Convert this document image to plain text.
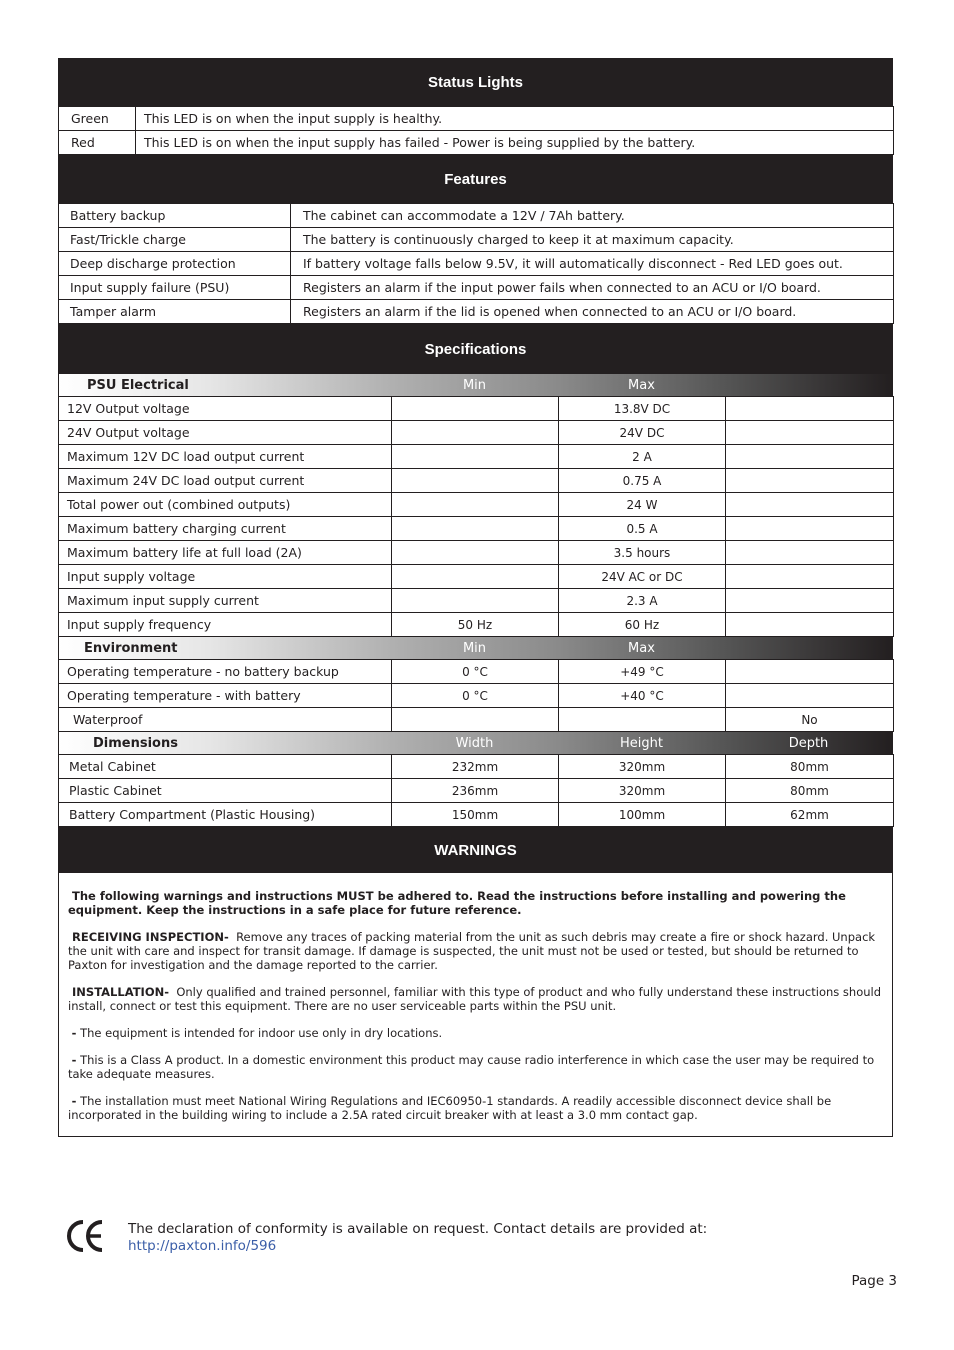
Status Lights
Green	This LED is on when the input supply is healthy.
Red	This LED is on when the input supply has failed - Power is being supplied by the battery.
Features
Battery backup	The cabinet can accommodate a 12V / 7Ah battery.
Fast/Trickle charge	The battery is continuously charged to keep it at maximum capacity.
Deep discharge protection	If battery voltage falls below 9.5V, it will automatically disconnect - Red LED goes out.
Input supply failure (PSU)	Registers an alarm if the input power fails when connected to an ACU or I/O board.
Tamper alarm	Registers an alarm if the lid is opened when connected to an ACU or I/O board.
Specifications
PSU Electrical	Min	Max
12V Output voltage		13.8V DC	
24V Output voltage		24V DC	
Maximum 12V DC load output current		2 A	
Maximum 24V DC load output current		0.75 A	
Total power out (combined outputs)		24 W	
Maximum battery charging current		0.5 A	
Maximum battery life at full load (2A)		3.5 hours	
Input supply voltage		24V AC or DC	
Maximum input supply current		2.3 A	
Input supply frequency	50 Hz	60 Hz	
Environment	Min	Max
Operating temperature - no battery backup	0 °C	+49 °C	
Operating temperature - with battery	0 °C	+40 °C	
Waterproof			No
Dimensions	Width	Height	Depth
Metal Cabinet	232mm	320mm	80mm
Plastic Cabinet	236mm	320mm	80mm
Battery Compartment (Plastic Housing)	150mm	100mm	62mm
WARNINGS

The following warnings and instructions MUST be adhered to. Read the instructions before installing and powering the equipment. Keep the instructions in a safe place for future reference.

RECEIVING INSPECTION- Remove any traces of packing material from the unit as such debris may create a fire or shock hazard. Unpack the unit with care and inspect for transit damage. If damage is suspected, the unit must not be used or tested, but should be returned to Paxton for investigation and the damage reported to the carrier.

INSTALLATION- Only qualified and trained personnel, familiar with this type of product and who fully understand these instructions should install, connect or test this equipment. There are no user serviceable parts within the PSU unit.

- The equipment is intended for indoor use only in dry locations.

- This is a Class A product. In a domestic environment this product may cause radio interference in which case the user may be required to take adequate measures.

- The installation must meet National Wiring Regulations and IEC60950-1 standards. A readily accessible disconnect device shall be incorporated in the building wiring to include a 2.5A rated circuit breaker with at least a 3.0 mm contact gap.

The declaration of conformity is available on request. Contact details are provided at:
http://paxton.info/596
Page 3
